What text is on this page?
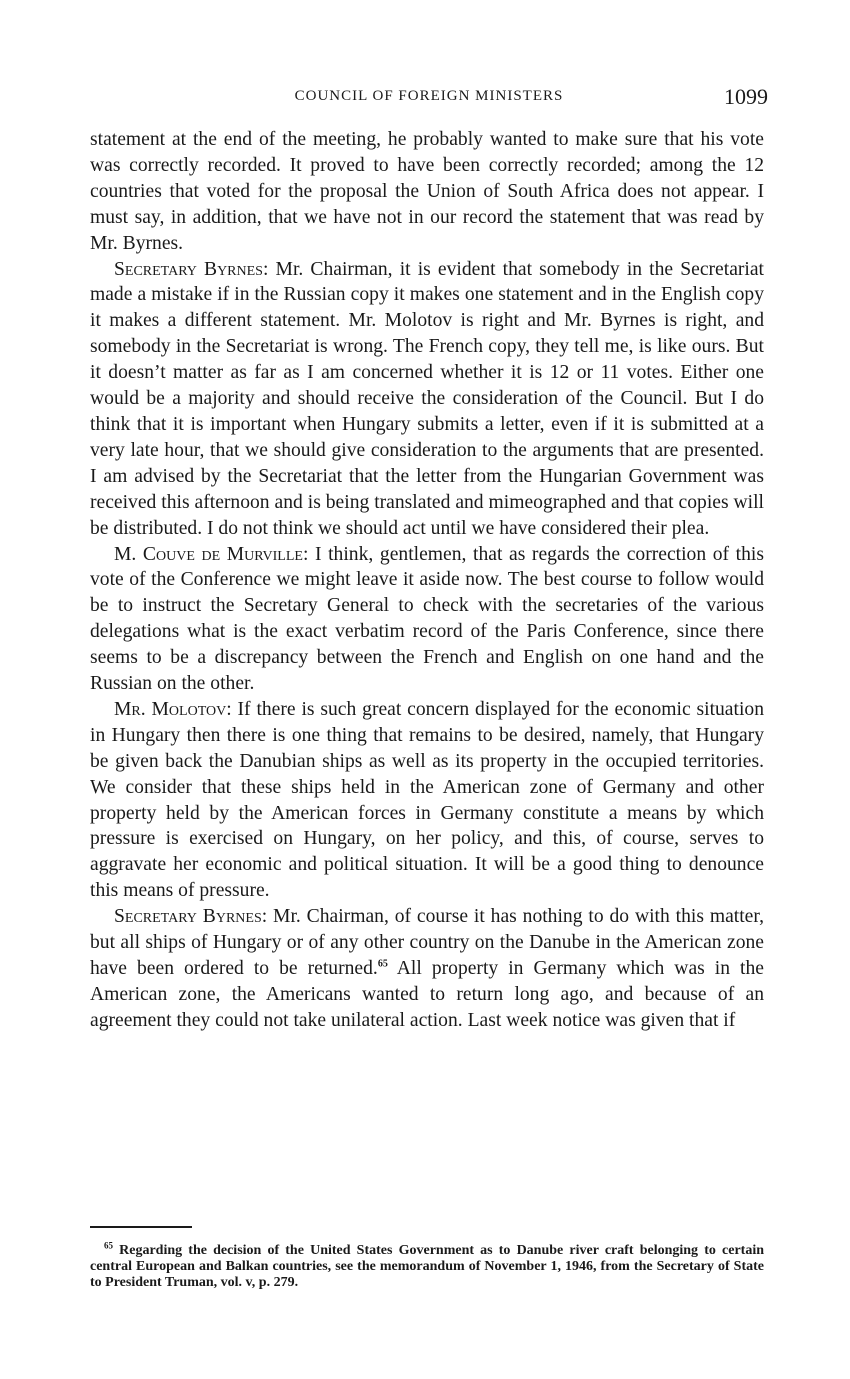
COUNCIL OF FOREIGN MINISTERS	1099

statement at the end of the meeting, he probably wanted to make sure that his vote was correctly recorded. It proved to have been correctly recorded; among the 12 countries that voted for the proposal the Union of South Africa does not appear. I must say, in addition, that we have not in our record the statement that was read by Mr. Byrnes.

Secretary Byrnes: Mr. Chairman, it is evident that somebody in the Secretariat made a mistake if in the Russian copy it makes one statement and in the English copy it makes a different statement. Mr. Molotov is right and Mr. Byrnes is right, and somebody in the Secretariat is wrong. The French copy, they tell me, is like ours. But it doesn’t matter as far as I am concerned whether it is 12 or 11 votes. Either one would be a majority and should receive the consideration of the Council. But I do think that it is important when Hungary submits a letter, even if it is submitted at a very late hour, that we should give consideration to the arguments that are presented. I am advised by the Secretariat that the letter from the Hungarian Government was received this afternoon and is being translated and mimeographed and that copies will be distributed. I do not think we should act until we have considered their plea.

M. Couve de Murville: I think, gentlemen, that as regards the correction of this vote of the Conference we might leave it aside now. The best course to follow would be to instruct the Secretary General to check with the secretaries of the various delegations what is the exact verbatim record of the Paris Conference, since there seems to be a discrepancy between the French and English on one hand and the Russian on the other.

Mr. Molotov: If there is such great concern displayed for the economic situation in Hungary then there is one thing that remains to be desired, namely, that Hungary be given back the Danubian ships as well as its property in the occupied territories. We consider that these ships held in the American zone of Germany and other property held by the American forces in Germany constitute a means by which pressure is exercised on Hungary, on her policy, and this, of course, serves to aggravate her economic and political situation. It will be a good thing to denounce this means of pressure.

Secretary Byrnes: Mr. Chairman, of course it has nothing to do with this matter, but all ships of Hungary or of any other country on the Danube in the American zone have been ordered to be returned.$^{65}$ All property in Germany which was in the American zone, the Americans wanted to return long ago, and because of an agreement they could not take unilateral action. Last week notice was given that if

$^{65}$ Regarding the decision of the United States Government as to Danube river craft belonging to certain central European and Balkan countries, see the memorandum of November 1, 1946, from the Secretary of State to President Truman, vol. v, p. 279.
